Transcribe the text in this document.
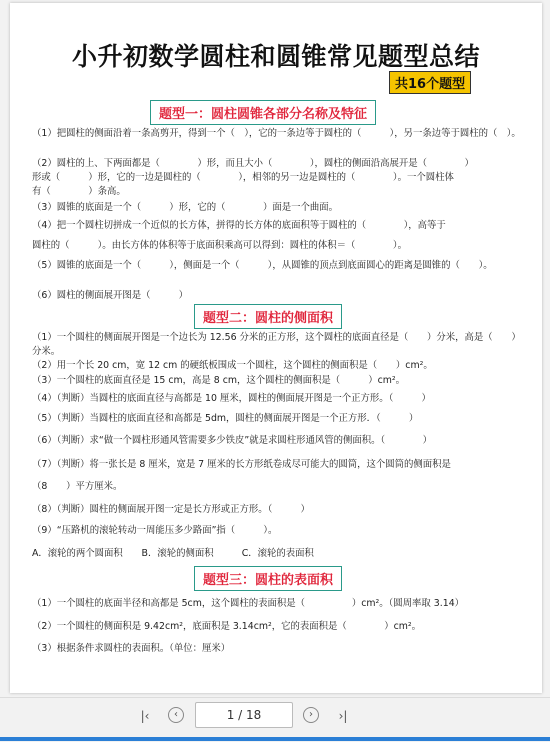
小升初数学圆柱和圆锥常见题型总结
共16个题型
题型一：圆柱圆锥各部分名称及特征
（1）把圆柱的侧面沿着一条高剪开，得到一个（　），它的一条边等于圆柱的（　　　），另一条边等于圆柱的（　）。
（2）圆柱的上、下两面都是（　　　　）形，而且大小（　　　　），圆柱的侧面沿高展开是（　　　　）
形或（　　　）形，它的一边是圆柱的（　　　　），相邻的另一边是圆柱的（　　　　）。一个圆柱体
有（　　　　）条高。
（3）圆锥的底面是一个（　　　）形，它的（　　　　）面是一个曲面。
（4）把一个圆柱切拼成一个近似的长方体，拼得的长方体的底面积等于圆柱的（　　　　），高等于
圆柱的（　　　）。由长方体的体积等于底面积乘高可以得到：圆柱的体积＝（　　　　）。
（5）圆锥的底面是一个（　　　），侧面是一个（　　　），从圆锥的顶点到底面圆心的距离是圆锥的（　　）。
（6）圆柱的侧面展开图是（　　　）
题型二：圆柱的侧面积
（1）一个圆柱的侧面展开图是一个边长为 12.56 分米的正方形，这个圆柱的底面直径是（　　）分米，高是（　　）分米。
（2）用一个长 20 cm，宽 12 cm 的硬纸板围成一个圆柱，这个圆柱的侧面积是（　　）cm²。
（3）一个圆柱的底面直径是 15 cm，高是 8 cm，这个圆柱的侧面积是（　　　）cm²。
（4）（判断）当圆柱的底面直径与高都是 10 厘米，圆柱的侧面展开图是一个正方形。（　　　）
（5）（判断）当圆柱的底面直径和高都是 5dm，圆柱的侧面展开图是一个正方形．（　　　）
（6）（判断）求“做一个圆柱形通风管需要多少铁皮”就是求圆柱形通风管的侧面积。（　　　　）
（7）（判断）将一张长是 8 厘米，宽是 7 厘米的长方形纸卷成尽可能大的圆筒，这个圆筒的侧面积是
（8　　）平方厘米。
（8）（判断）圆柱的侧面展开图一定是长方形或正方形。（　　　）
（9）“压路机的滚轮转动一周能压多少路面”指（　　　）。
A．滚轮的两个圆面积　　B．滚轮的侧面积　　　C．滚轮的表面积
题型三：圆柱的表面积
（1）一个圆柱的底面半径和高都是 5cm，这个圆柱的表面积是（　　　　　）cm²。（圆周率取 3.14）
（2）一个圆柱的侧面积是 9.42cm²，底面积是 3.14cm²，它的表面积是（　　　　）cm²。
（3）根据条件求圆柱的表面积。（单位：厘米）
|‹	‹	1 / 18	›	›|
